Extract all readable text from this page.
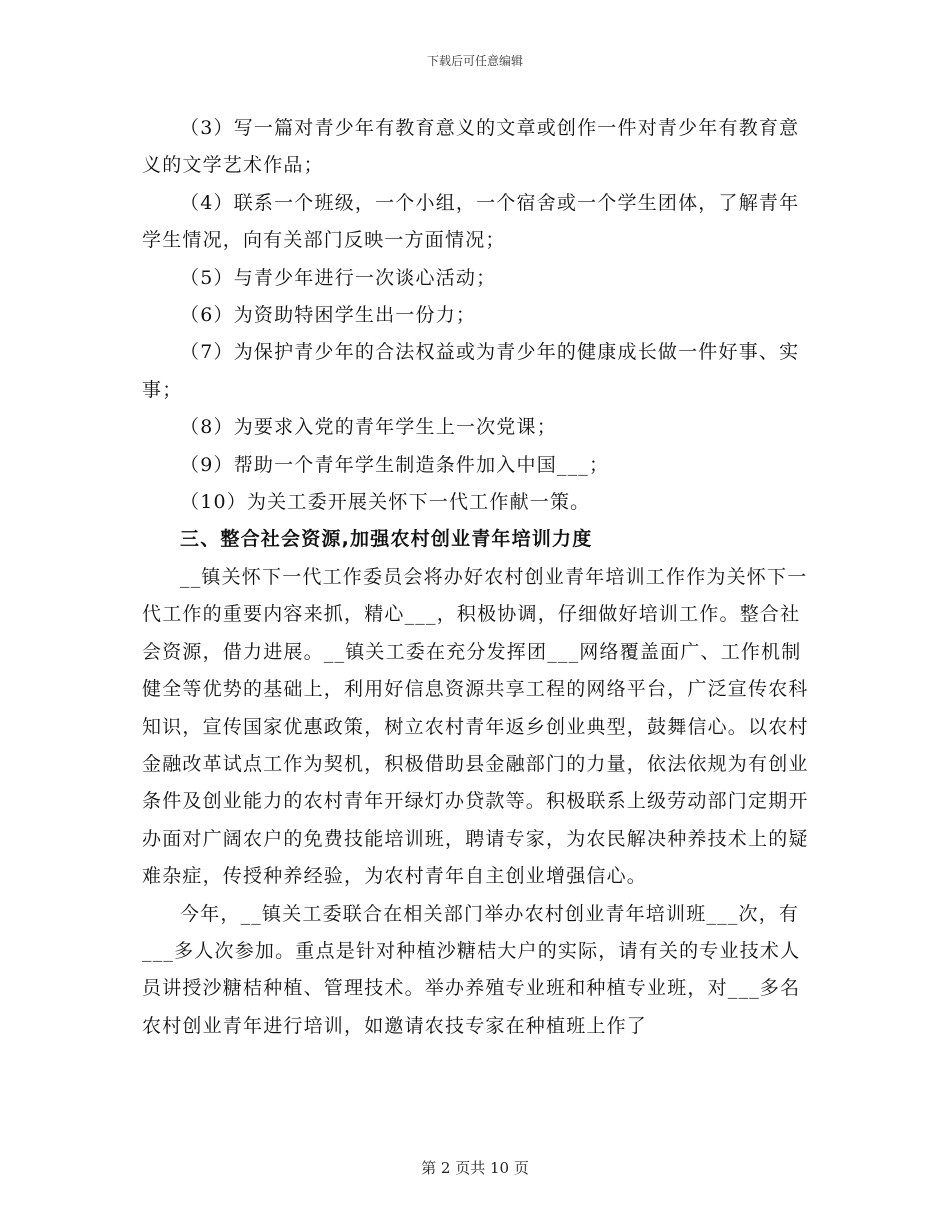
下载后可任意编辑

（3）写一篇对青少年有教育意义的文章或创作一件对青少年有教育意义的文学艺术作品；

（4）联系一个班级，一个小组，一个宿舍或一个学生团体，了解青年学生情况，向有关部门反映一方面情况；

（5）与青少年进行一次谈心活动；

（6）为资助特困学生出一份力；

（7）为保护青少年的合法权益或为青少年的健康成长做一件好事、实事；

（8）为要求入党的青年学生上一次党课；

（9）帮助一个青年学生制造条件加入中国___；

（10）为关工委开展关怀下一代工作献一策。

三、整合社会资源,加强农村创业青年培训力度

__镇关怀下一代工作委员会将办好农村创业青年培训工作作为关怀下一代工作的重要内容来抓，精心___，积极协调，仔细做好培训工作。整合社会资源，借力进展。__镇关工委在充分发挥团___网络覆盖面广、工作机制健全等优势的基础上，利用好信息资源共享工程的网络平台，广泛宣传农科知识，宣传国家优惠政策，树立农村青年返乡创业典型，鼓舞信心。以农村金融改革试点工作为契机，积极借助县金融部门的力量，依法依规为有创业条件及创业能力的农村青年开绿灯办贷款等。积极联系上级劳动部门定期开办面对广阔农户的免费技能培训班，聘请专家，为农民解决种养技术上的疑难杂症，传授种养经验，为农村青年自主创业增强信心。

今年，__镇关工委联合在相关部门举办农村创业青年培训班___次，有___多人次参加。重点是针对种植沙糖桔大户的实际，请有关的专业技术人员讲授沙糖桔种植、管理技术。举办养殖专业班和种植专业班，对___多名农村创业青年进行培训，如邀请农技专家在种植班上作了

第 2 页共 10 页
